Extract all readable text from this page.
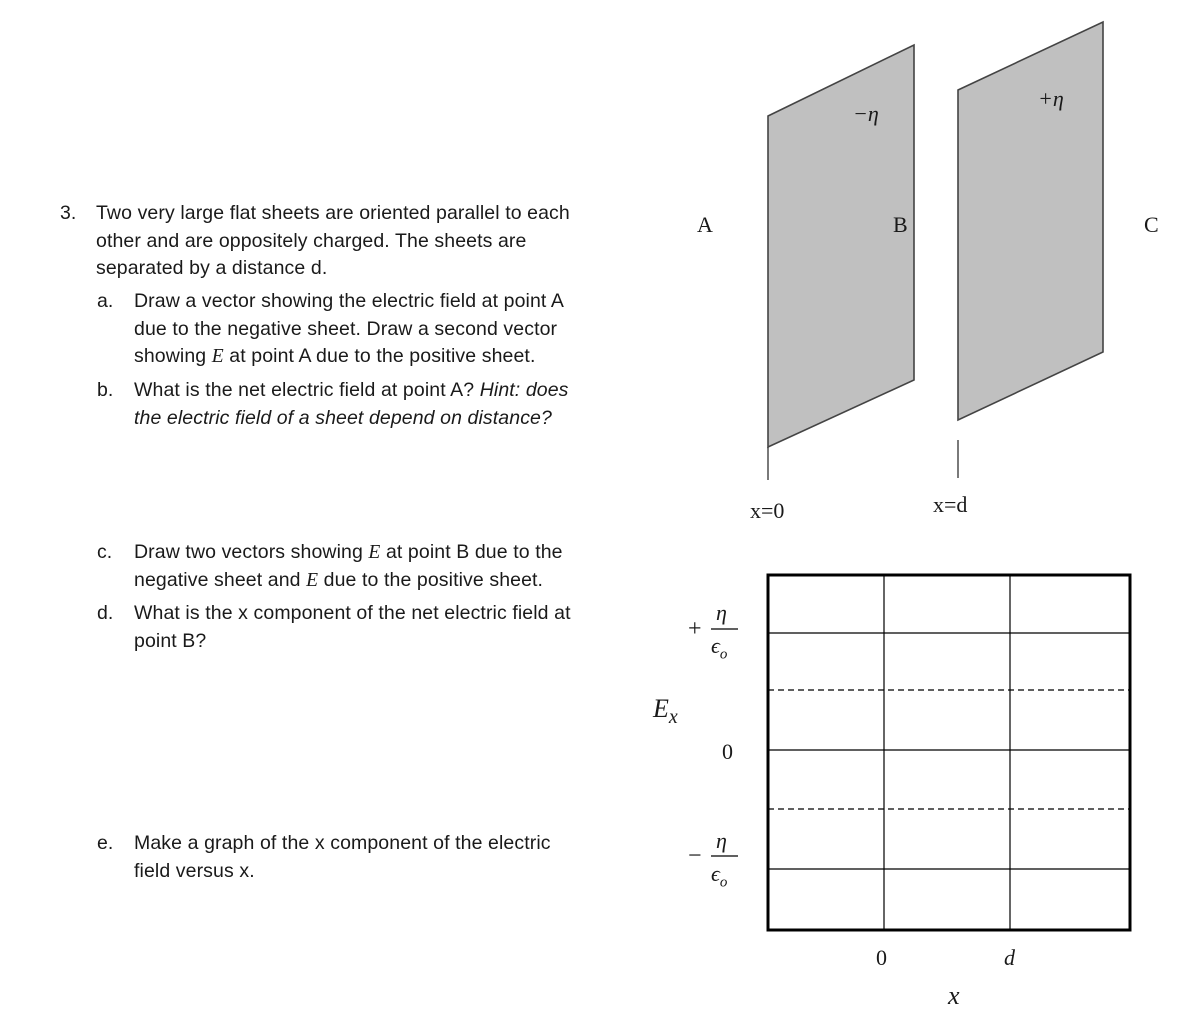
3. Two very large flat sheets are oriented parallel to each other and are oppositely charged. The sheets are separated by a distance d.
a. Draw a vector showing the electric field at point A
due to the negative sheet. Draw a second vector
showing E at point A due to the positive sheet.
b. What is the net electric field at point A? Hint: does
the electric field of a sheet depend on distance?
c. Draw two vectors showing E at point B due to the
negative sheet and E due to the positive sheet.
d. What is the x component of the net electric field at
point B?
e. Make a graph of the x component of the electric
field versus x.
A	B	C
−η
+η
x=0	x=d
$E_x$
+
η
$\epsilon_o$
0
−
η
$\epsilon_o$
0	d
x
